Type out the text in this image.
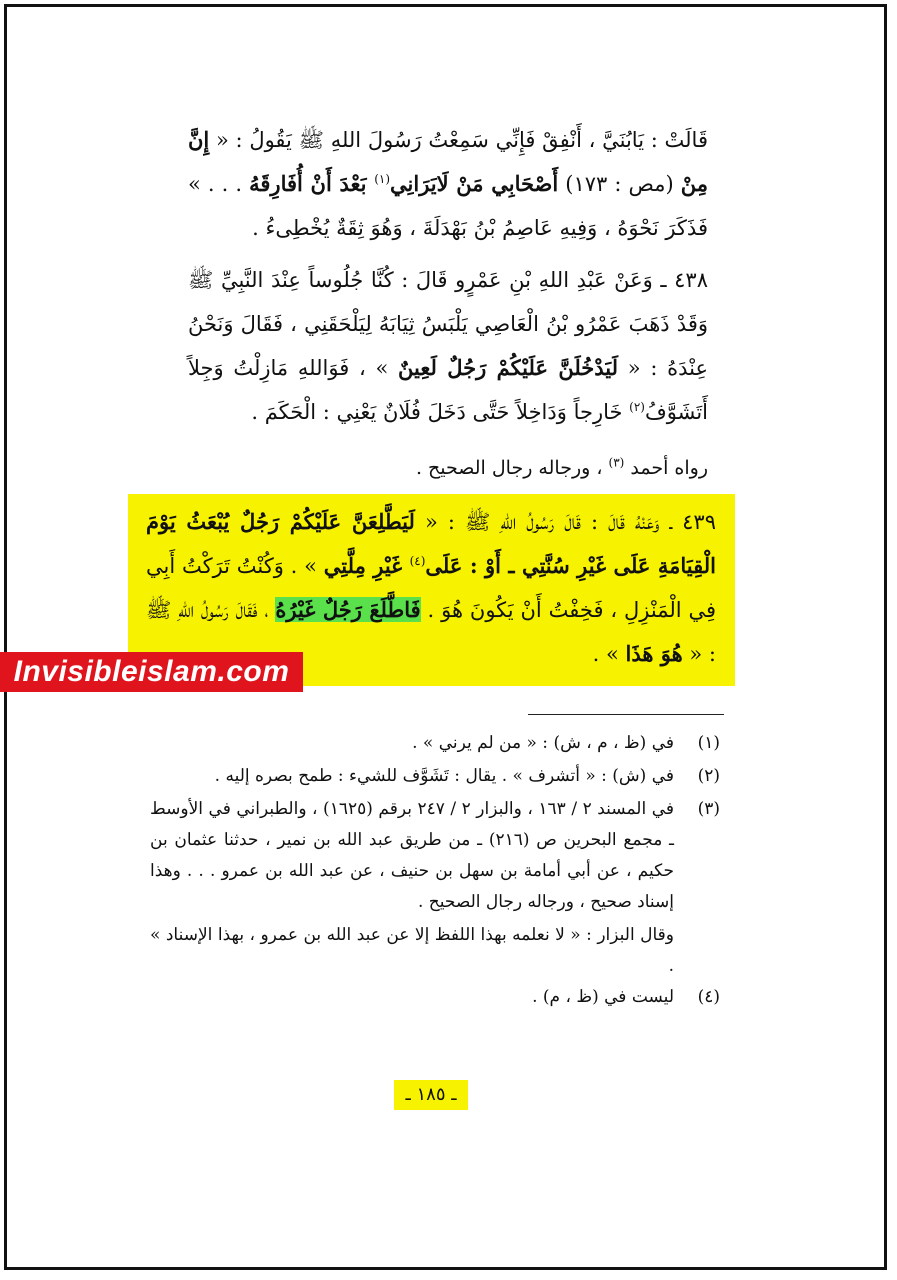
قَالَتْ : يَابُنَيَّ ، أَنْفِقْ فَإِنِّي سَمِعْتُ رَسُولَ اللهِ ﷺ يَقُولُ : « إِنَّ مِنْ (مص : ١٧٣) أَصْحَابِي مَنْ لَايَرَانِي$^{(١)}$ بَعْدَ أَنْ أُفَارِقَهُ . . . » فَذَكَرَ نَحْوَهُ ، وَفِيهِ عَاصِمُ بْنُ بَهْدَلَةَ ، وَهُوَ ثِقَةٌ يُخْطِىءُ .
٤٣٨ ـ وَعَنْ عَبْدِ اللهِ بْنِ عَمْرٍو قَالَ : كُنَّا جُلُوساً عِنْدَ النَّبِيِّ ﷺ وَقَدْ ذَهَبَ عَمْرُو بْنُ الْعَاصِي يَلْبَسُ ثِيَابَهُ لِيَلْحَقَنِي ، فَقَالَ وَنَحْنُ عِنْدَهُ : « لَيَدْخُلَنَّ عَلَيْكُمْ رَجُلٌ لَعِينٌ » ، فَوَاللهِ مَازِلْتُ وَجِلاً أَتَشَوَّفُ$^{(٢)}$ خَارِجاً وَدَاخِلاً حَتَّى دَخَلَ فُلَانٌ يَعْنِي : الْحَكَمَ .
رواه أحمد $^{(٣)}$ ، ورجاله رجال الصحيح .
٤٣٩ ـ وَعَنْهُ قَالَ : قَالَ رَسُولُ اللهِ ﷺ : « لَيَطَّلِعَنَّ عَلَيْكُمْ رَجُلٌ يُبْعَثُ يَوْمَ الْقِيَامَةِ عَلَى غَيْرِ سُنَّتِي ـ أَوْ : عَلَى$^{(٤)}$ غَيْرِ مِلَّتِي » . وَكُنْتُ تَرَكْتُ أَبِي فِي الْمَنْزِلِ ، فَخِفْتُ أَنْ يَكُونَ هُوَ . فَاطَّلَعَ رَجُلٌ غَيْرُهُ ، فَقَالَ رَسُولُ اللهِ ﷺ : « هُوَ هَذَا » .
Invisibleislam.com
(١)
في (ظ ، م ، ش) : « من لم يرني » .
(٢)
في (ش) : « أتشرف » . يقال : تَشَوَّف للشيء : طمح بصره إليه .
(٣)
في المسند ٢ / ١٦٣ ، والبزار ٢ / ٢٤٧ برقم (١٦٢٥) ، والطبراني في الأوسط ـ مجمع البحرين ص (٢١٦) ـ من طريق عبد الله بن نمير ، حدثنا عثمان بن حكيم ، عن أبي أمامة بن سهل بن حنيف ، عن عبد الله بن عمرو . . . وهذا إسناد صحيح ، ورجاله رجال الصحيح .
وقال البزار : « لا نعلمه بهذا اللفظ إلا عن عبد الله بن عمرو ، بهذا الإسناد » .
(٤)
ليست في (ظ ، م) .
ـ ١٨٥ ـ
